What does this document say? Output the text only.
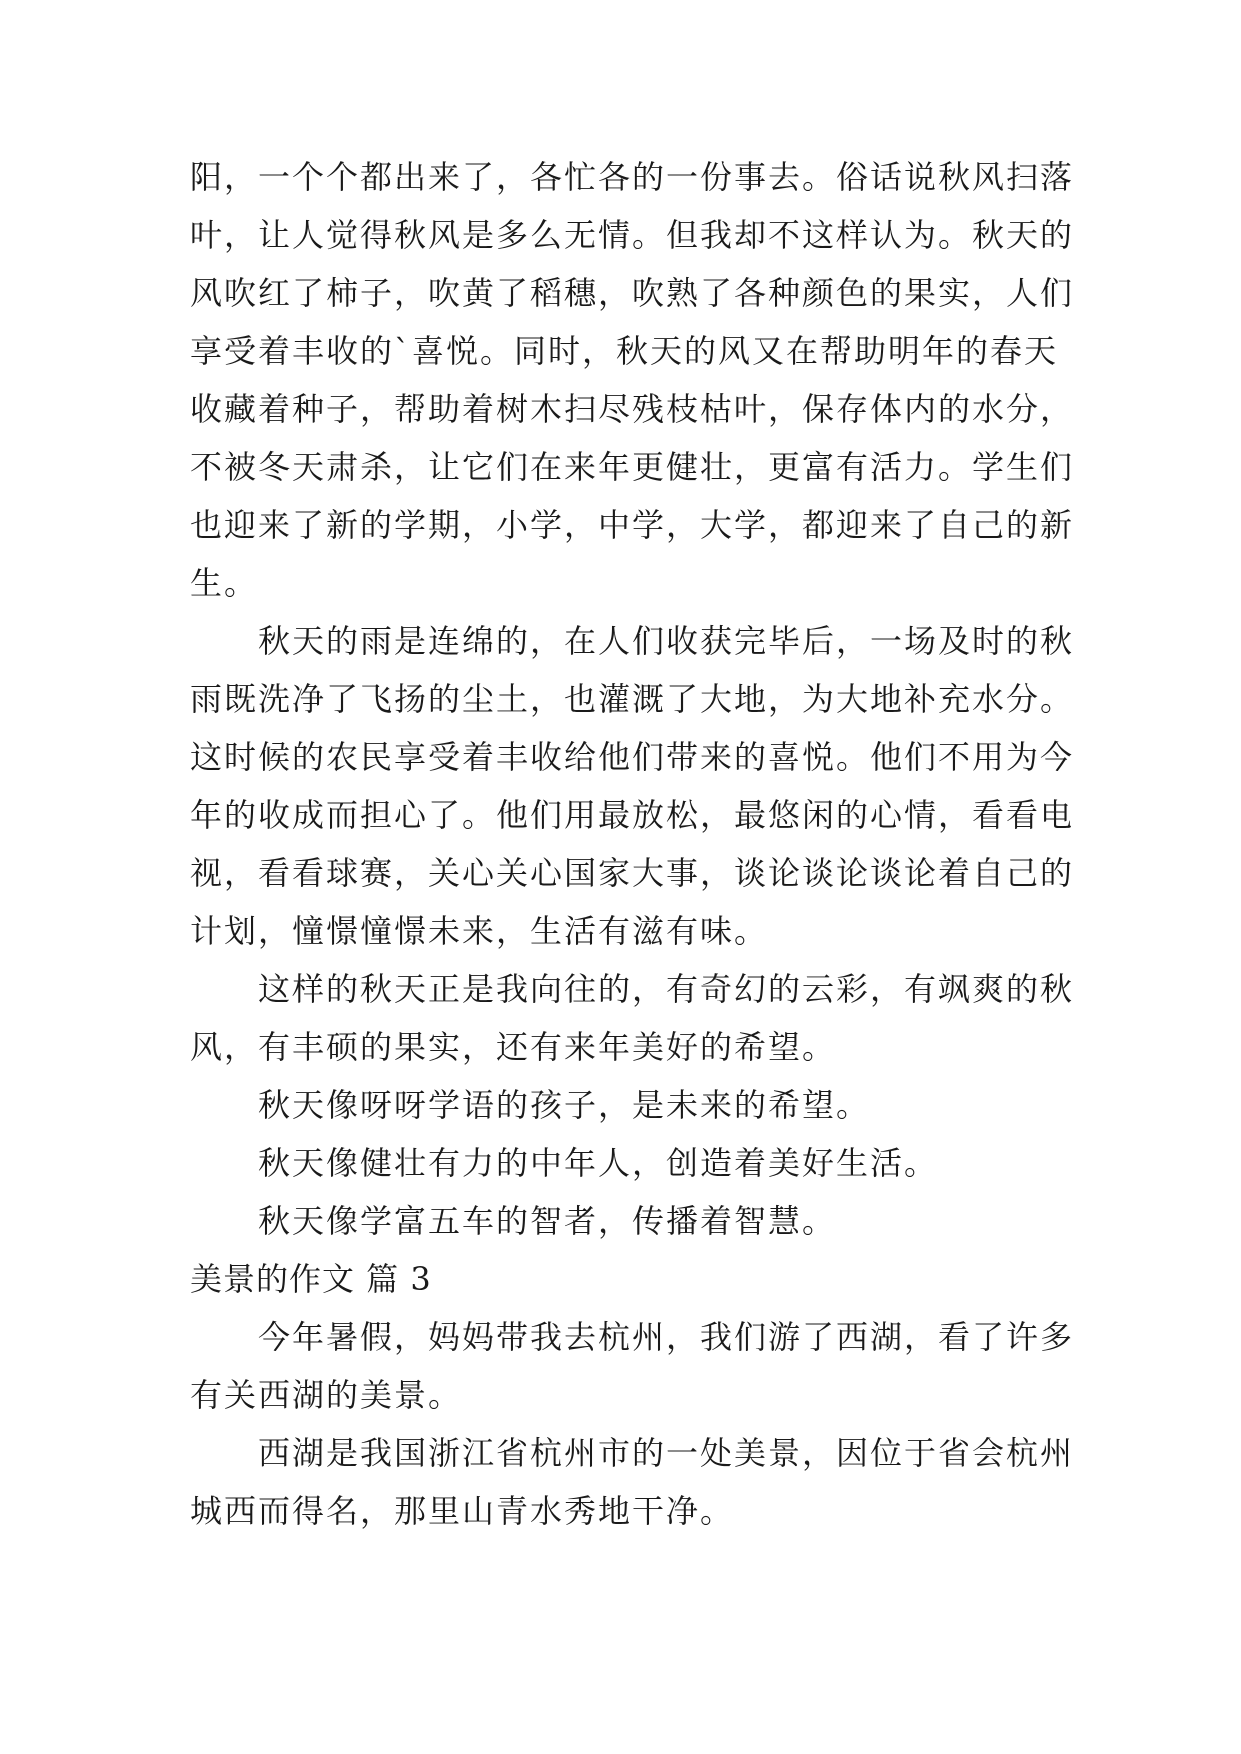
阳，一个个都出来了，各忙各的一份事去。俗话说秋风扫落
叶，让人觉得秋风是多么无情。但我却不这样认为。秋天的
风吹红了柿子，吹黄了稻穗，吹熟了各种颜色的果实，人们
享受着丰收的`喜悦。同时，秋天的风又在帮助明年的春天
收藏着种子，帮助着树木扫尽残枝枯叶，保存体内的水分，
不被冬天肃杀，让它们在来年更健壮，更富有活力。学生们
也迎来了新的学期，小学，中学，大学，都迎来了自己的新
生。
秋天的雨是连绵的，在人们收获完毕后，一场及时的秋
雨既洗净了飞扬的尘土，也灌溉了大地，为大地补充水分。
这时候的农民享受着丰收给他们带来的喜悦。他们不用为今
年的收成而担心了。他们用最放松，最悠闲的心情，看看电
视，看看球赛，关心关心国家大事，谈论谈论谈论着自己的
计划，憧憬憧憬未来，生活有滋有味。
这样的秋天正是我向往的，有奇幻的云彩，有飒爽的秋
风，有丰硕的果实，还有来年美好的希望。
秋天像呀呀学语的孩子，是未来的希望。
秋天像健壮有力的中年人，创造着美好生活。
秋天像学富五车的智者，传播着智慧。
美景的作文 篇 3
今年暑假，妈妈带我去杭州，我们游了西湖，看了许多
有关西湖的美景。
西湖是我国浙江省杭州市的一处美景，因位于省会杭州
城西而得名，那里山青水秀地干净。
